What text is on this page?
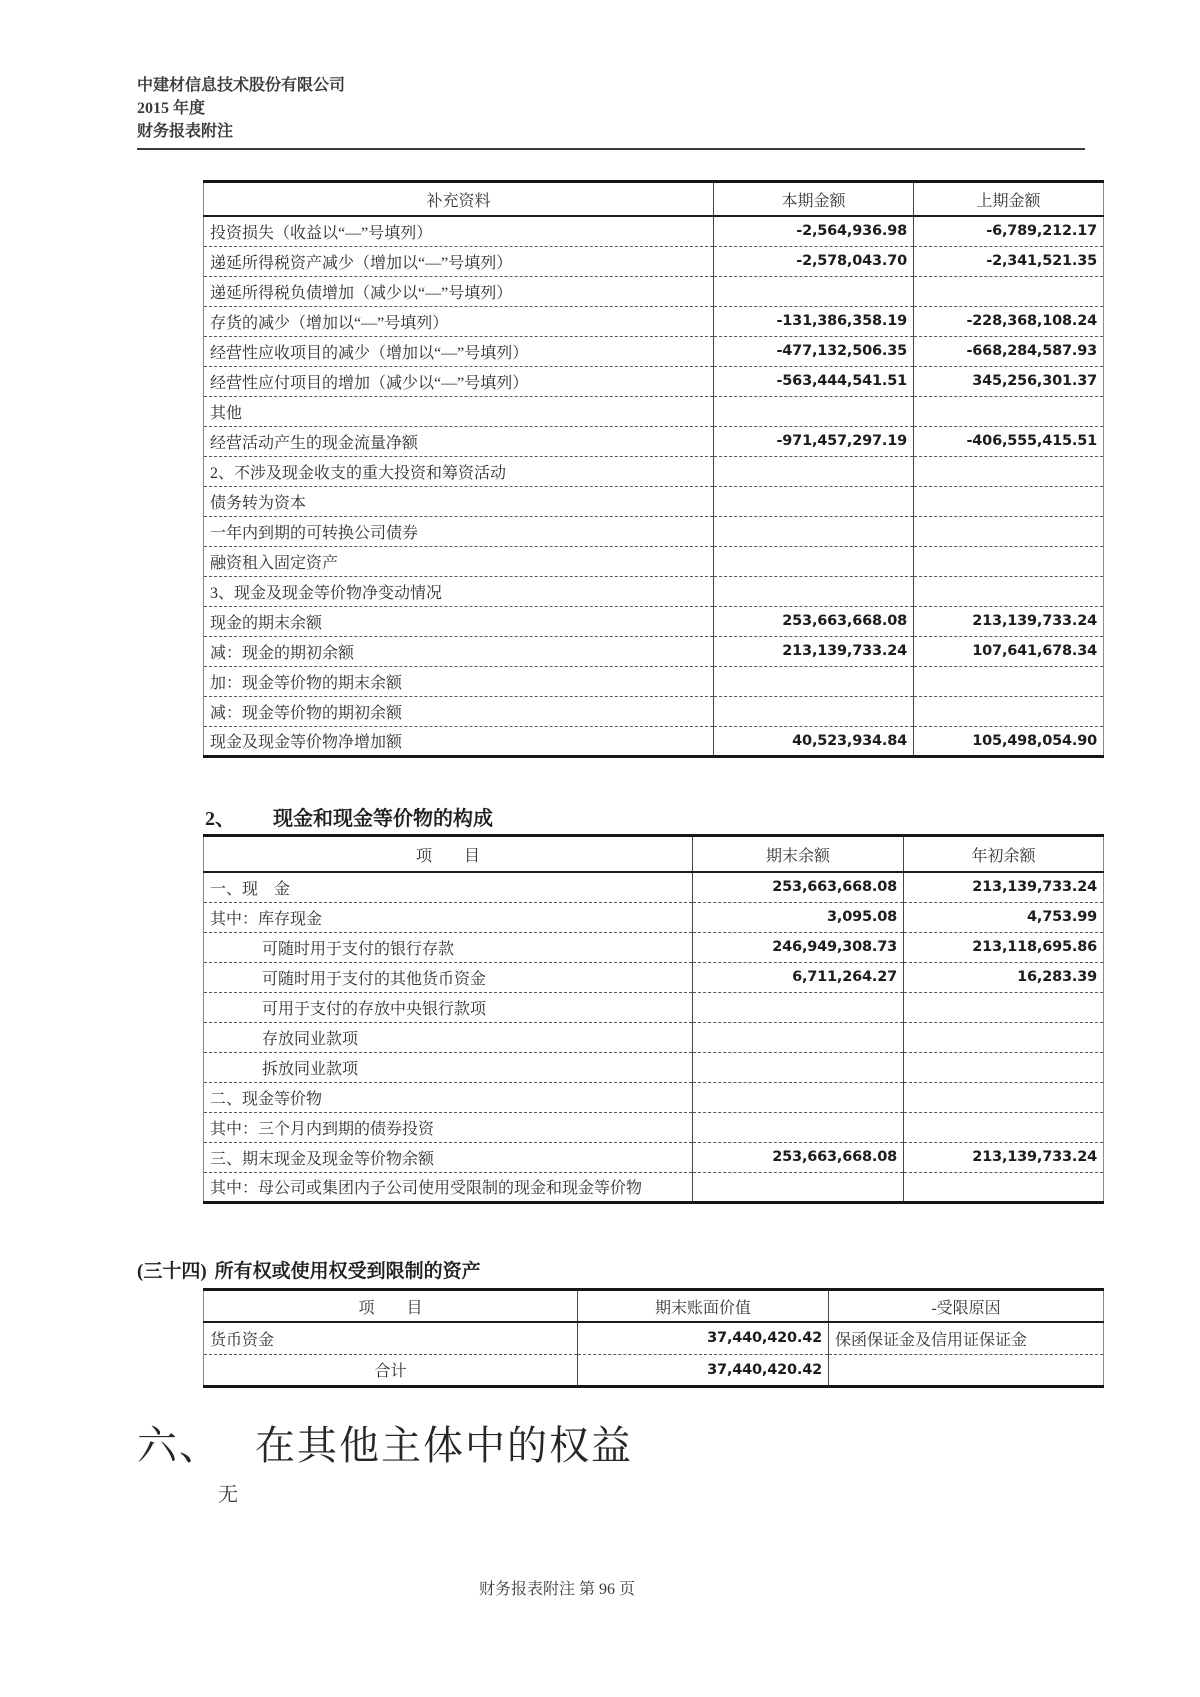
中建材信息技术股份有限公司
2015 年度
财务报表附注
补充资料	本期金额	上期金额
投资损失（收益以“—”号填列）	-2,564,936.98	-6,789,212.17
递延所得税资产减少（增加以“—”号填列）	-2,578,043.70	-2,341,521.35
递延所得税负债增加（减少以“—”号填列）		
存货的减少（增加以“—”号填列）	-131,386,358.19	-228,368,108.24
经营性应收项目的减少（增加以“—”号填列）	-477,132,506.35	-668,284,587.93
经营性应付项目的增加（减少以“—”号填列）	-563,444,541.51	345,256,301.37
其他		
经营活动产生的现金流量净额	-971,457,297.19	-406,555,415.51
2、不涉及现金收支的重大投资和筹资活动		
债务转为资本		
一年内到期的可转换公司债券		
融资租入固定资产		
3、现金及现金等价物净变动情况		
现金的期末余额	253,663,668.08	213,139,733.24
减：现金的期初余额	213,139,733.24	107,641,678.34
加：现金等价物的期末余额		
减：现金等价物的期初余额		
现金及现金等价物净增加额	40,523,934.84	105,498,054.90
2、	现金和现金等价物的构成
项　　目	期末余额	年初余额
一、现　金	253,663,668.08	213,139,733.24
其中：库存现金	3,095.08	4,753.99
可随时用于支付的银行存款	246,949,308.73	213,118,695.86
可随时用于支付的其他货币资金	6,711,264.27	16,283.39
可用于支付的存放中央银行款项		
存放同业款项		
拆放同业款项		
二、现金等价物		
其中：三个月内到期的债券投资		
三、期末现金及现金等价物余额	253,663,668.08	213,139,733.24
其中：母公司或集团内子公司使用受限制的现金和现金等价物		
(三十四) 所有权或使用权受到限制的资产
项　　目	期末账面价值	-受限原因
货币资金	37,440,420.42	保函保证金及信用证保证金
合计	37,440,420.42	
六、 在其他主体中的权益
无
财务报表附注 第 96 页
